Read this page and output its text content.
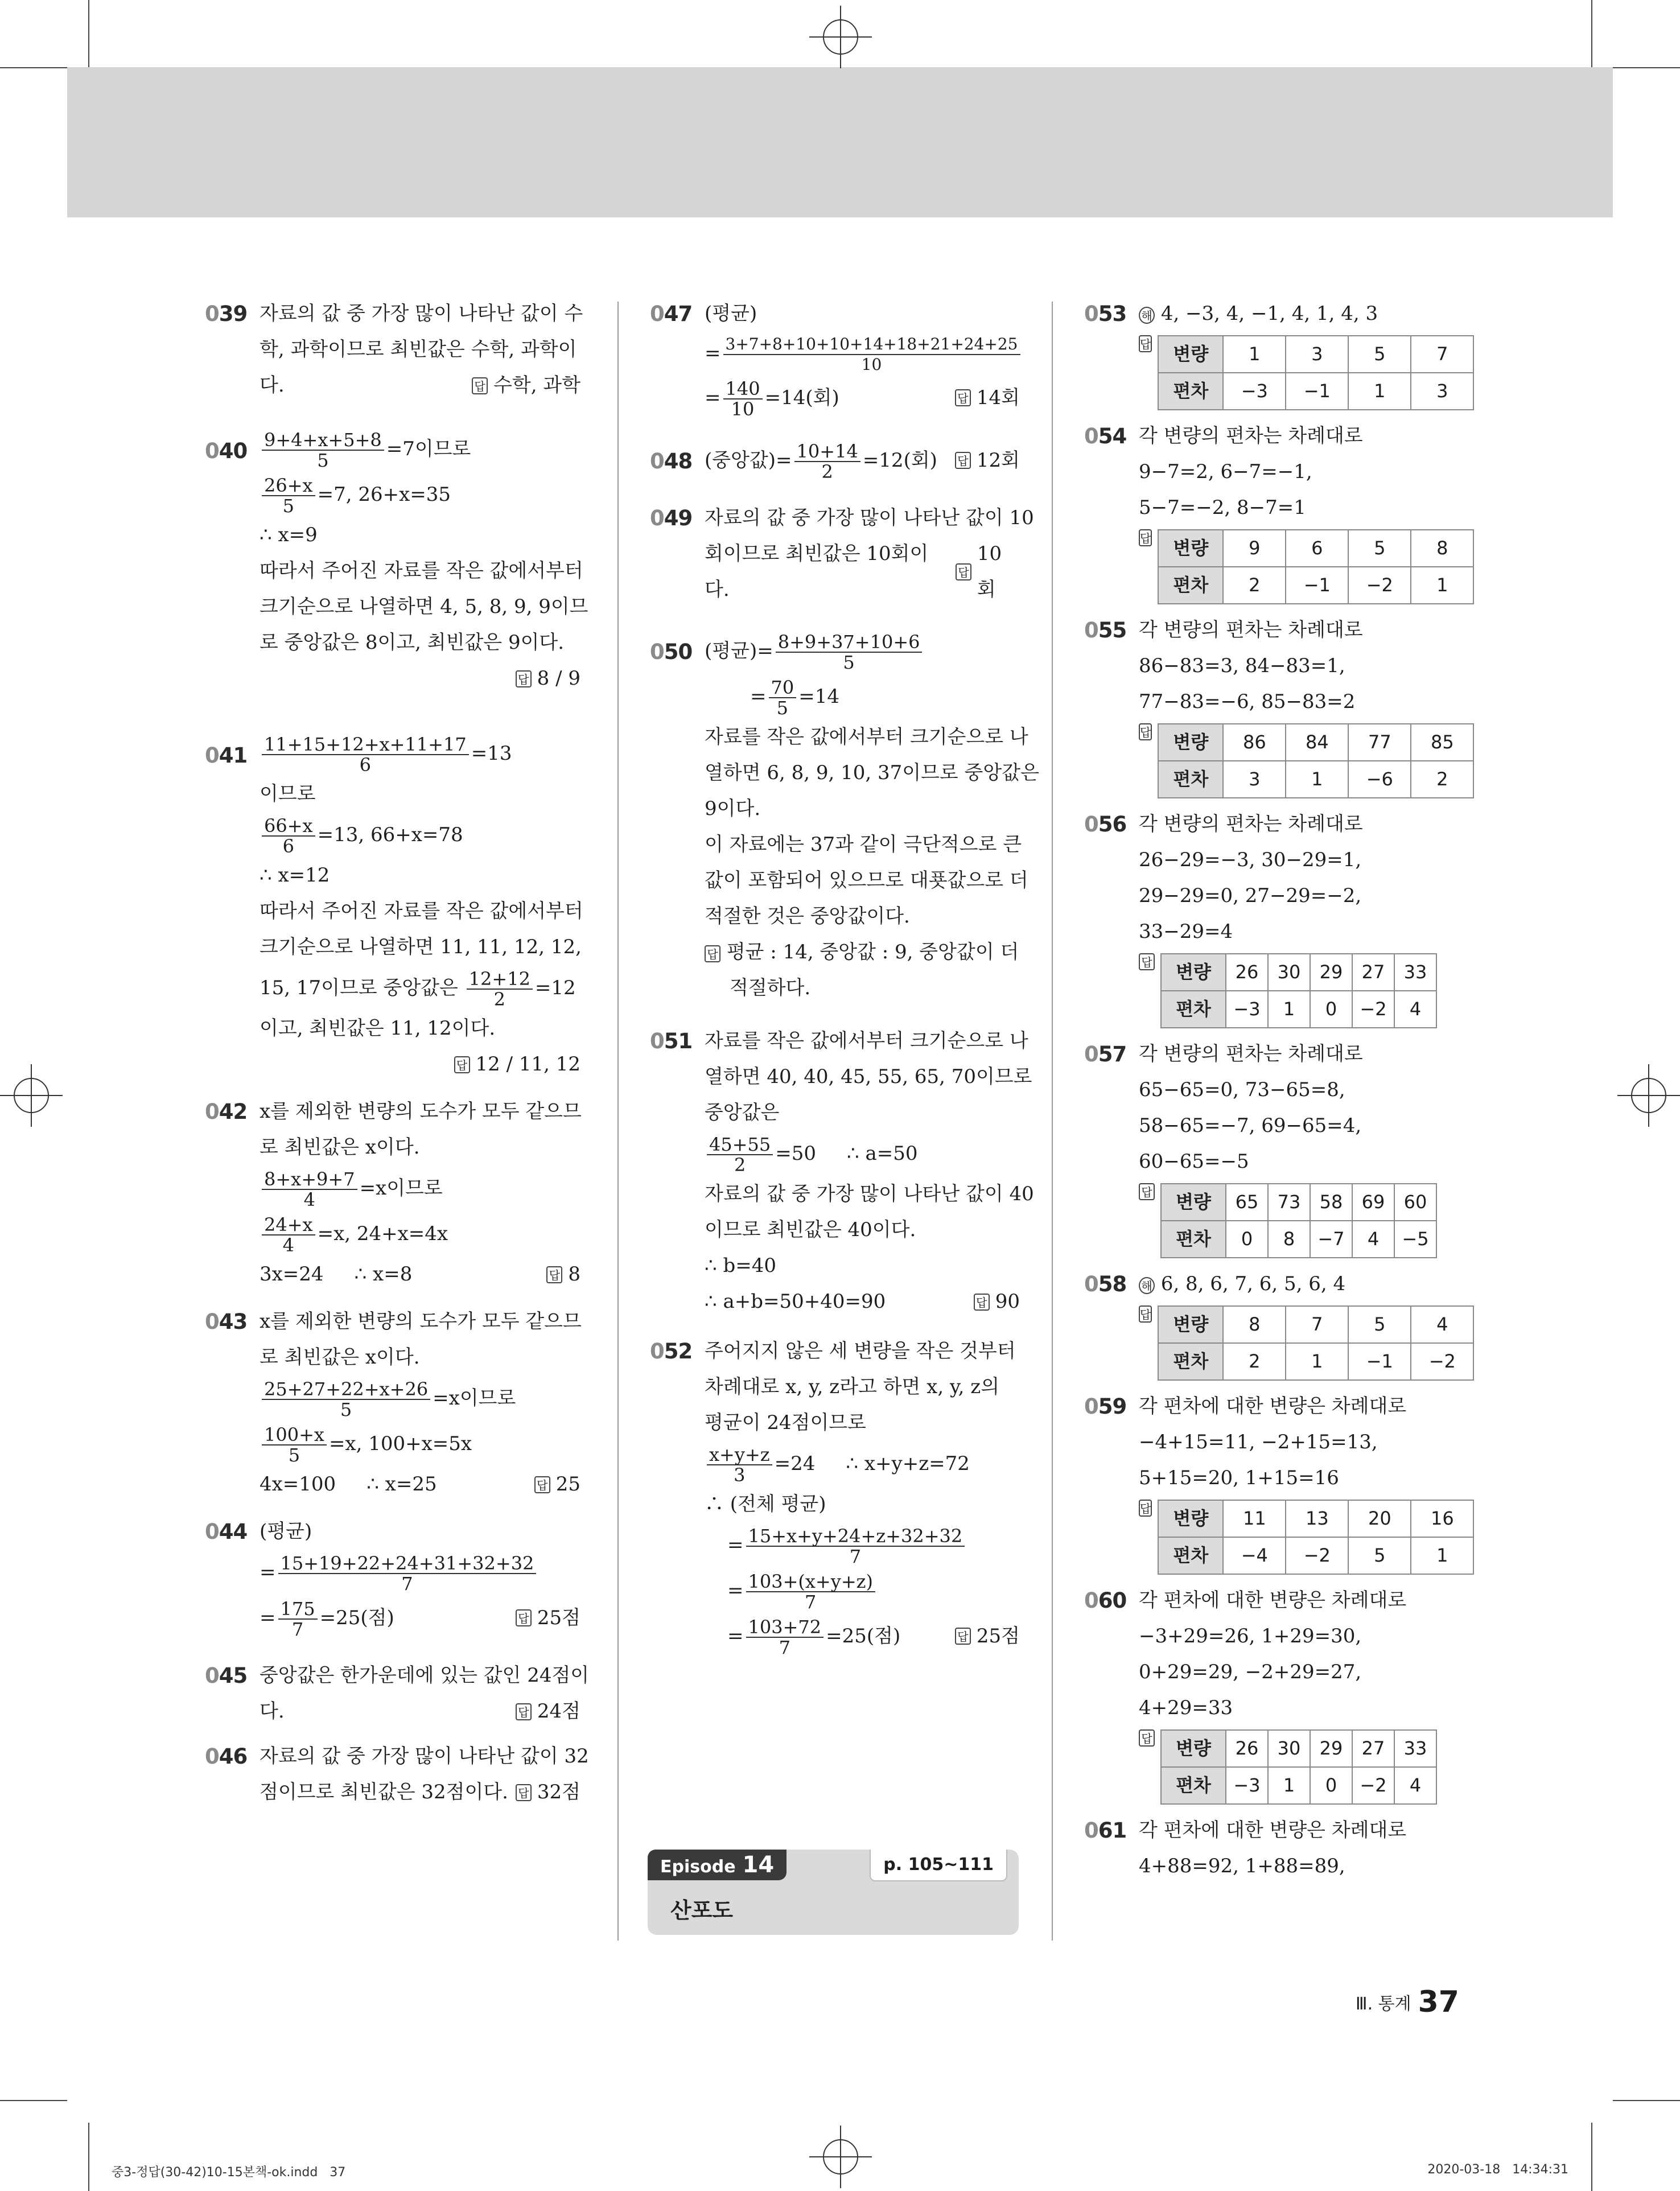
039 자료의 값 중 가장 많이 나타난 값이 수
학, 과학이므로 최빈값은 수학, 과학이
다.	답 수학, 과학
$040 \frac{9+4+x+5+8}{5} =7$이므로
$\frac{26+x}{5} =7$, 26+x=35
∴ x=9
따라서 주어진 자료를 작은 값에서부터
크기순으로 나열하면 4, 5, 8, 9, 9이므
로 중앙값은 8이고, 최빈값은 9이다.
답 8 / 9
$041 \frac{11+15+12+x+11+17}{6} =13$
이므로
$\frac{66+x}{6} =13$, 66+x=78
∴ x=12
따라서 주어진 자료를 작은 값에서부터
크기순으로 나열하면 11, 11, 12, 12,
15, 17이므로 중앙값은 $\frac{12+12}{2} =12$
이고, 최빈값은 11, 12이다.
답 12 / 11, 12
042 x를 제외한 변량의 도수가 모두 같으므
로 최빈값은 x이다.
$\frac{8+x+9+7}{4} =x$이므로
$\frac{24+x}{4} =x$, 24+x=4x
3x=24     ∴ x=8	답 8
043 x를 제외한 변량의 도수가 모두 같으므
로 최빈값은 x이다.
$\frac{25+27+22+x+26}{5} =x$이므로
$\frac{100+x}{5} =x$, 100+x=5x
4x=100     ∴ x=25	답 25
044 (평균)
= $\frac{15+19+22+24+31+32+32}{7}$
= $\frac{175}{7} =25$(점)	답 25점
045 중앙값은 한가운데에 있는 값인 24점이
다.	답 24점
046 자료의 값 중 가장 많이 나타난 값이 32
점이므로 최빈값은 32점이다. 답 32점
047 (평균)
= $\frac{3+7+8+10+10+14+18+21+24+25}{10}$
= $\frac{140}{10} =14$(회)	답 14회
048 (중앙값)= $\frac{10+14}{2} =12$(회) 답 12회
049 자료의 값 중 가장 많이 나타난 값이 10
회이므로 최빈값은 10회이다.
답
10회
050 (평균)= $\frac{8+9+37+10+6}{5}$
= $\frac{70}{5} =14$
자료를 작은 값에서부터 크기순으로 나
열하면 6, 8, 9, 10, 37이므로 중앙값은
9이다.
이 자료에는 37과 같이 극단적으로 큰
값이 포함되어 있으므로 대푯값으로 더
적절한 것은 중앙값이다.
답 평균 : 14, 중앙값 : 9, 중앙값이 더
적절하다.
051 자료를 작은 값에서부터 크기순으로 나
열하면 40, 40, 45, 55, 65, 70이므로
중앙값은
$\frac{45+55}{2} =50$     ∴ a=50
자료의 값 중 가장 많이 나타난 값이 40
이므로 최빈값은 40이다.
∴ b=40
∴ a+b=50+40=90	답 90
052 주어지지 않은 세 변량을 작은 것부터
차례대로 x, y, z라고 하면 x, y, z의
평균이 24점이므로
$\frac{x+y+z}{3} =24$     ∴ x+y+z=72
∴ (전체 평균)
= $\frac{15+x+y+24+z+32+32}{7}$
= $\frac{103+(x+y+z)}{7}$
= $\frac{103+72}{7} =25$(점)	답 25점
Episode 14	p. 105~111
산포도
053 해 4, −3, 4, −1, 4, 1, 4, 3
답 변량	1	3	5	7
편차	−3	−1	1	3
054 각 변량의 편차는 차례대로
9−7=2, 6−7=−1,
5−7=−2, 8−7=1
답 변량	9	6	5	8
편차	2	−1	−2	1
055 각 변량의 편차는 차례대로
86−83=3, 84−83=1,
77−83=−6, 85−83=2
답 변량	86	84	77	85
편차	3	1	−6	2
056 각 변량의 편차는 차례대로
26−29=−3, 30−29=1,
29−29=0, 27−29=−2,
33−29=4
답 변량	26	30	29	27	33
편차	−3	1	0	−2	4
057 각 변량의 편차는 차례대로
65−65=0, 73−65=8,
58−65=−7, 69−65=4,
60−65=−5
답 변량	65	73	58	69	60
편차	0	8	−7	4	−5
058 해 6, 8, 6, 7, 6, 5, 6, 4
답 변량	8	7	5	4
편차	2	1	−1	−2
059 각 편차에 대한 변량은 차례대로
−4+15=11, −2+15=13,
5+15=20, 1+15=16
답 변량	11	13	20	16
편차	−4	−2	5	1
060 각 편차에 대한 변량은 차례대로
−3+29=26, 1+29=30,
0+29=29, −2+29=27,
4+29=33
답 변량	26	30	29	27	33
편차	−3	1	0	−2	4
061 각 편차에 대한 변량은 차례대로
4+88=92, 1+88=89,
Ⅲ. 통계 37
중3-정답(30-42)10-15본책-ok.indd   37	2020-03-18   14:34:31
